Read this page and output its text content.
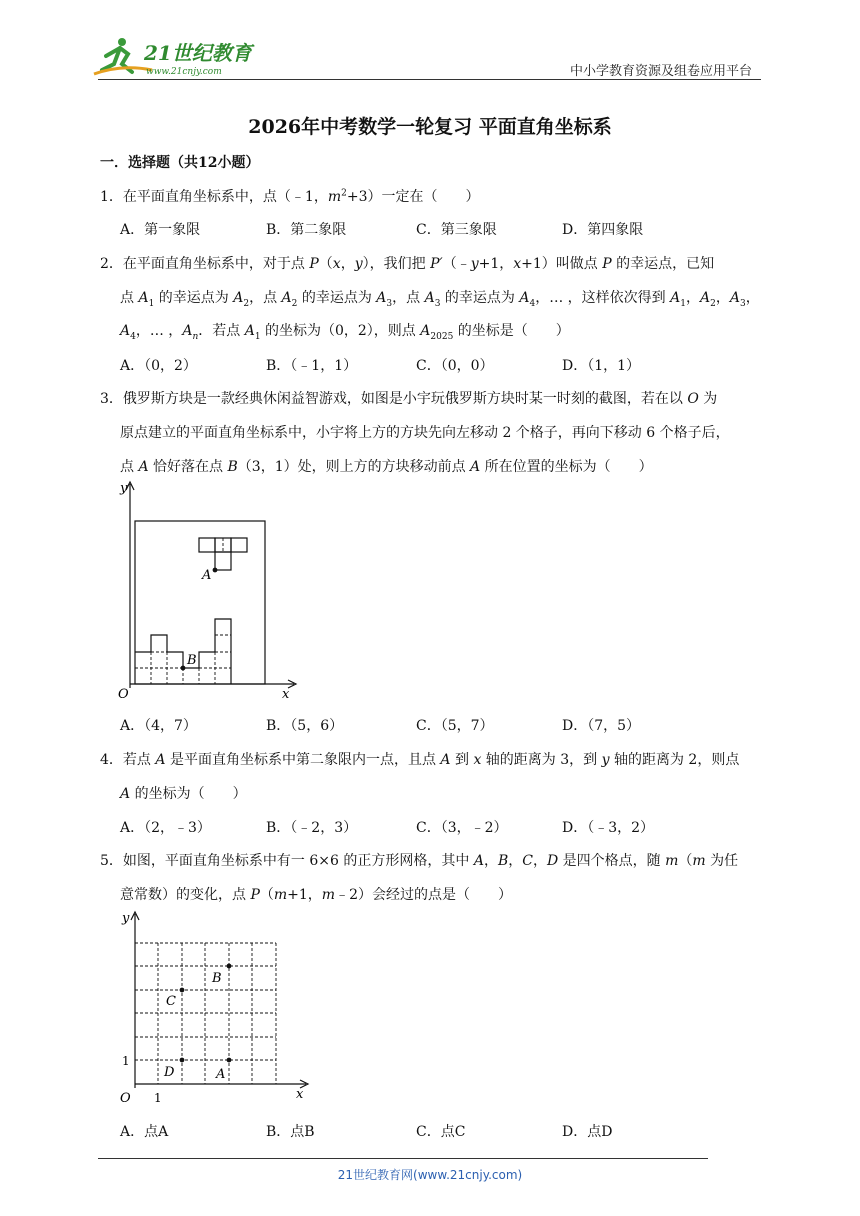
21世纪教育
www.21cnjy.com	中小学教育资源及组卷应用平台
2026年中考数学一轮复习 平面直角坐标系
一．选择题（共12小题）
1．在平面直角坐标系中，点（﹣1，$m^2+3$）一定在（　　）
A．第一象限	B．第二象限	C．第三象限	D．第四象限
2．在平面直角坐标系中，对于点 P（x，y），我们把 P′（﹣y+1，x+1）叫做点 P 的幸运点，已知
点 $A_1$ 的幸运点为 $A_2$，点 $A_2$ 的幸运点为 $A_3$，点 $A_3$ 的幸运点为 $A_4$，… ，这样依次得到 $A_1$，$A_2$，$A_3$，
$A_4$，… ，$A_n$．若点 $A_1$ 的坐标为（0，2），则点 $A_{2025}$ 的坐标是（　　）
A．（0，2）	B．（﹣1，1）	C．（0，0）	D．（1，1）
3．俄罗斯方块是一款经典休闲益智游戏，如图是小宇玩俄罗斯方块时某一时刻的截图，若在以 O 为
原点建立的平面直角坐标系中，小宇将上方的方块先向左移动 2 个格子，再向下移动 6 个格子后，
点 A 恰好落在点 B（3，1）处，则上方的方块移动前点 A 所在位置的坐标为（　　）
y
x
O
A
B
A．（4，7）	B．（5，6）	C．（5，7）	D．（7，5）
4．若点 A 是平面直角坐标系中第二象限内一点，且点 A 到 x 轴的距离为 3，到 y 轴的距离为 2，则点
A 的坐标为（　　）
A．（2，﹣3）	B．（﹣2，3）	C．（3，﹣2）	D．（﹣3，2）
5．如图，平面直角坐标系中有一 6×6 的正方形网格，其中 A，B，C，D 是四个格点，随 m（m 为任
意常数）的变化，点 P（m+1，m﹣2）会经过的点是（　　）
y
x
O 1
1
B
C
D	A
A．点A	B．点B	C．点C	D．点D
21世纪教育网(www.21cnjy.com)
